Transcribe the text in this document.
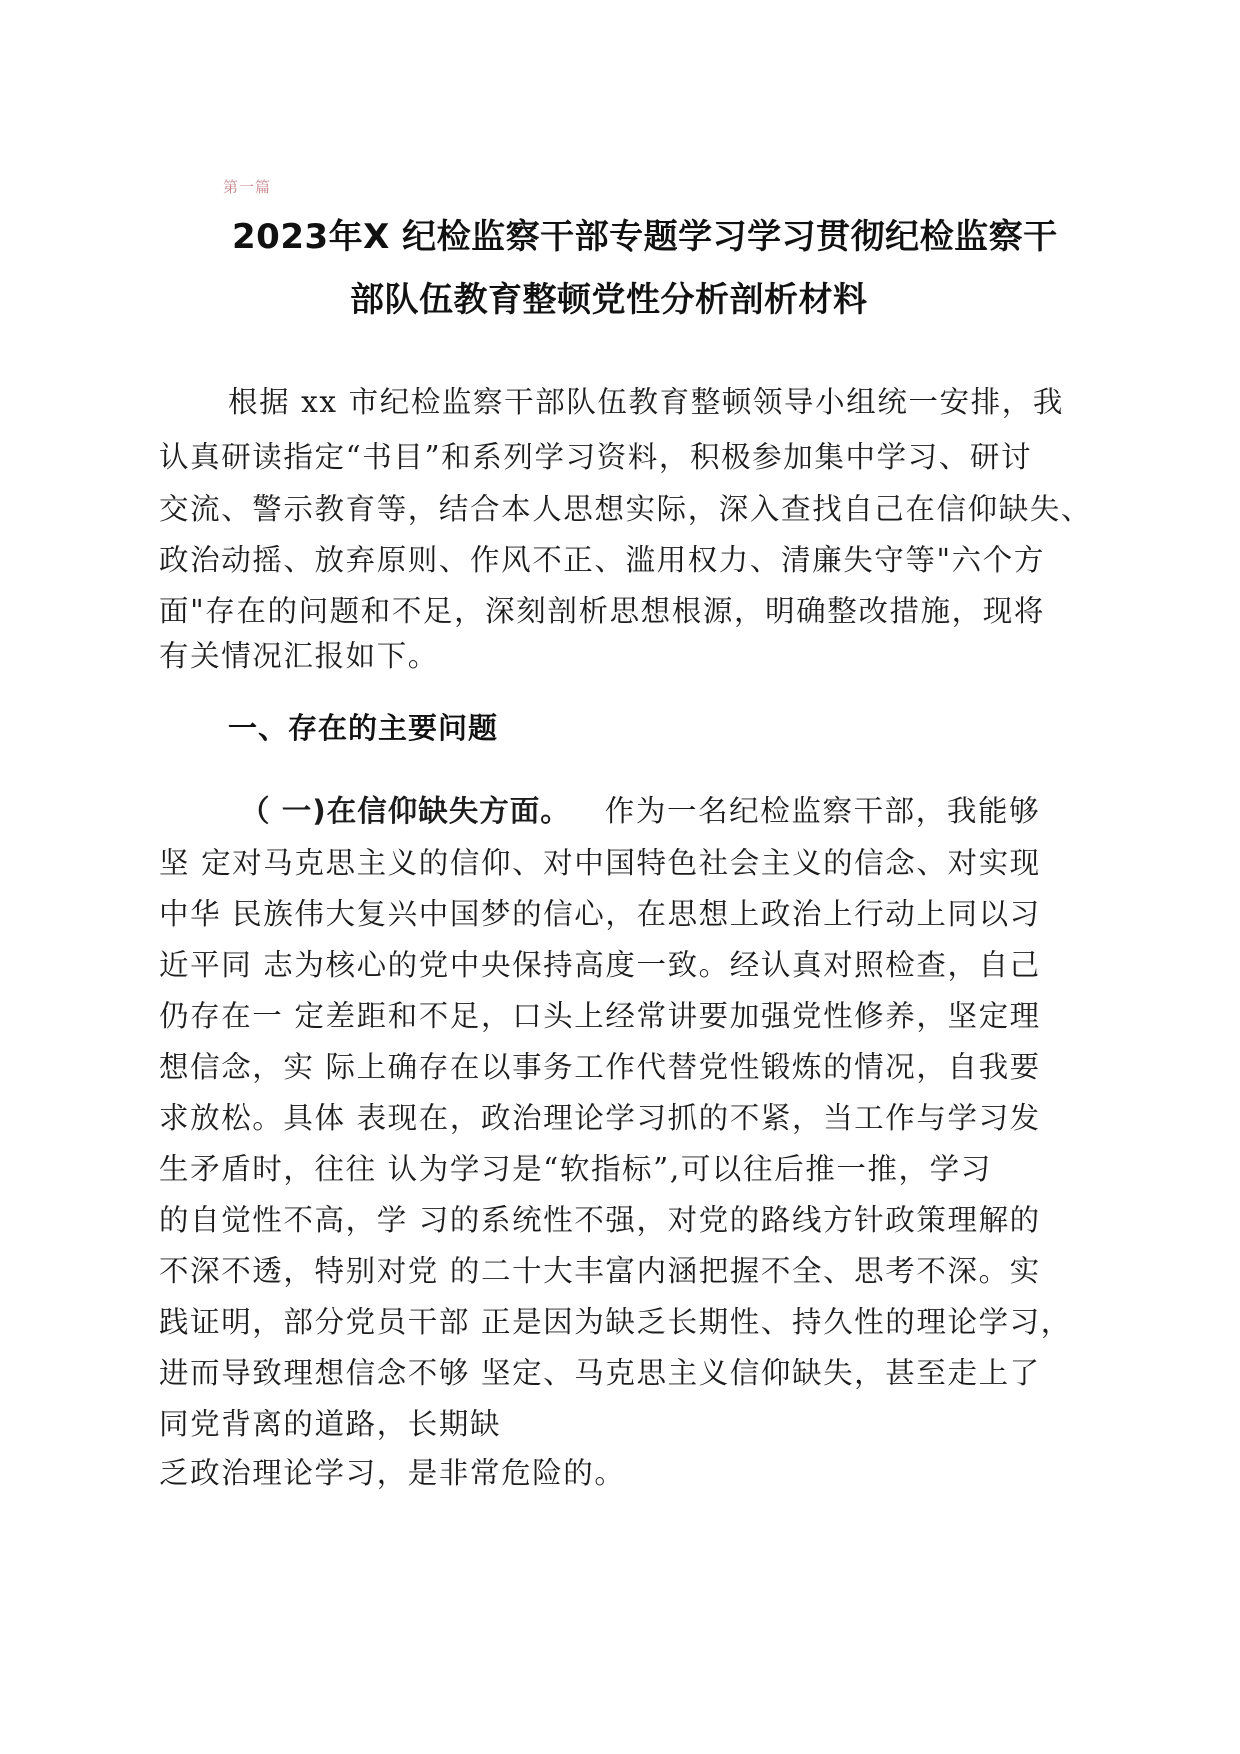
第一篇
2023年X 纪检监察干部专题学习学习贯彻纪检监察干
部队伍教育整顿党性分析剖析材料
根据 xx 市纪检监察干部队伍教育整顿领导小组统一安排，我
认真研读指定“书目”和系列学习资料，积极参加集中学习、研讨
交流、警示教育等，结合本人思想实际，深入查找自己在信仰缺失、
政治动摇、放弃原则、作风不正、滥用权力、清廉失守等"六个方
面"存在的问题和不足，深刻剖析思想根源，明确整改措施，现将
有关情况汇报如下。
一、存在的主要问题
（ 一)在信仰缺失方面。 作为一名纪检监察干部，我能够
坚 定对马克思主义的信仰、对中国特色社会主义的信念、对实现
中华 民族伟大复兴中国梦的信心，在思想上政治上行动上同以习
近平同 志为核心的党中央保持高度一致。经认真对照检查，自己
仍存在一 定差距和不足，口头上经常讲要加强党性修养，坚定理
想信念，实 际上确存在以事务工作代替党性锻炼的情况，自我要
求放松。具体 表现在，政治理论学习抓的不紧，当工作与学习发
生矛盾时，往往 认为学习是“软指标”,可以往后推一推，学习
的自觉性不高，学 习的系统性不强，对党的路线方针政策理解的
不深不透，特别对党 的二十大丰富内涵把握不全、思考不深。实
践证明，部分党员干部 正是因为缺乏长期性、持久性的理论学习，
进而导致理想信念不够 坚定、马克思主义信仰缺失，甚至走上了
同党背离的道路，长期缺
乏政治理论学习，是非常危险的。
